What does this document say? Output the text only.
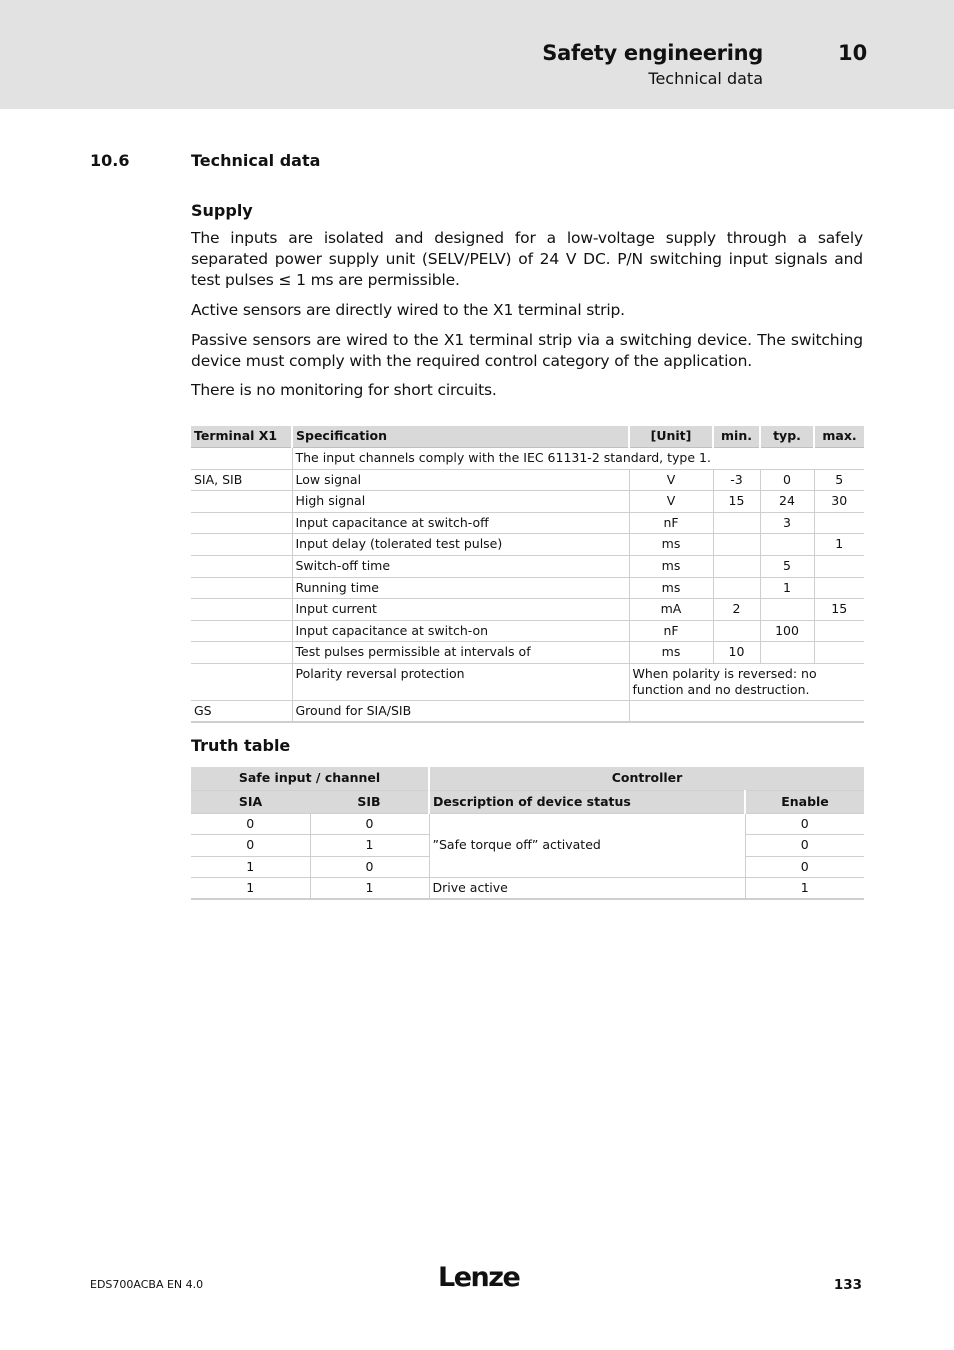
Safety engineering	10
Technical data
10.6	Technical data
Supply
The inputs are isolated and designed for a low-voltage supply through a safely separated power supply unit (SELV/PELV) of 24 V DC. P/N switching input signals and test pulses ≤ 1 ms are permissible.
Active sensors are directly wired to the X1 terminal strip.
Passive sensors are wired to the X1 terminal strip via a switching device. The switching device must comply with the required control category of the application.
There is no monitoring for short circuits.
Terminal X1	Specification	[Unit]	min.	typ.	max.
	The input channels comply with the IEC 61131-2 standard, type 1.				
SIA, SIB	Low signal	V	-3	0	5
	High signal	V	15	24	30
	Input capacitance at switch-off	nF		3	
	Input delay (tolerated test pulse)	ms			1
	Switch-off time	ms		5	
	Running time	ms		1	
	Input current	mA	2		15
	Input capacitance at switch-on	nF		100	
	Test pulses permissible at intervals of	ms	10		
	Polarity reversal protection	When polarity is reversed: no function and no destruction.			
GS	Ground for SIA/SIB				
Truth table
Safe input / channel		Controller	
SIA	SIB	Description of device status	Enable
0	0	”Safe torque off” activated	0
0	1		0
1	0		0
1	1	Drive active	1
EDS700ACBA EN 4.0	Lenze	133
